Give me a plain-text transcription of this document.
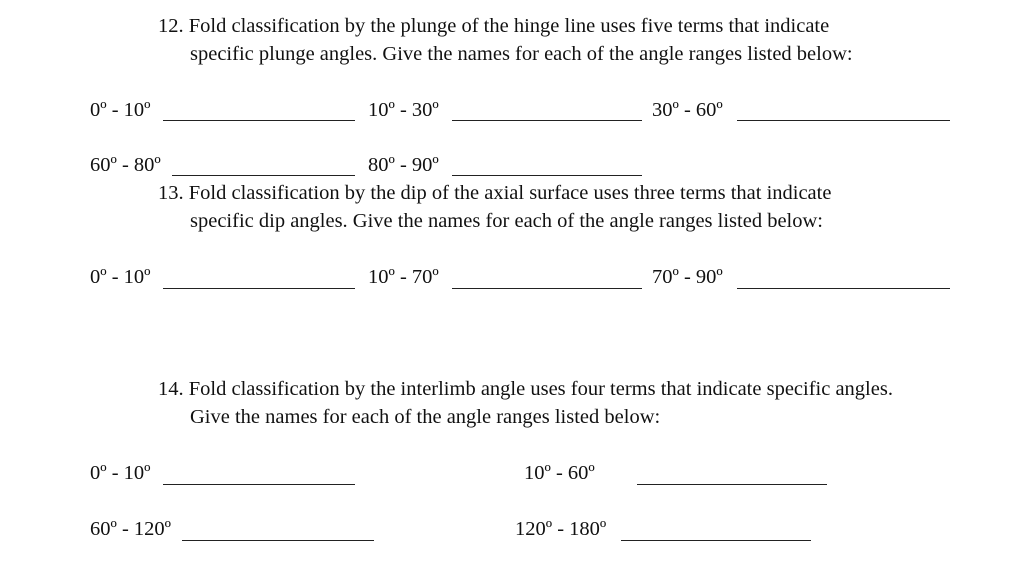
12. Fold classification by the plunge of the hinge line uses five terms that indicate
specific plunge angles. Give the names for each of the angle ranges listed below:
0º - 10º	10º - 30º	30º - 60º
60º - 80º	80º - 90º
13. Fold classification by the dip of the axial surface uses three terms that indicate
specific dip angles. Give the names for each of the angle ranges listed below:
0º - 10º	10º - 70º	70º - 90º
14. Fold classification by the interlimb angle uses four terms that indicate specific angles.
Give the names for each of the angle ranges listed below:
0º - 10º	10º - 60º
60º - 120º	120º - 180º
